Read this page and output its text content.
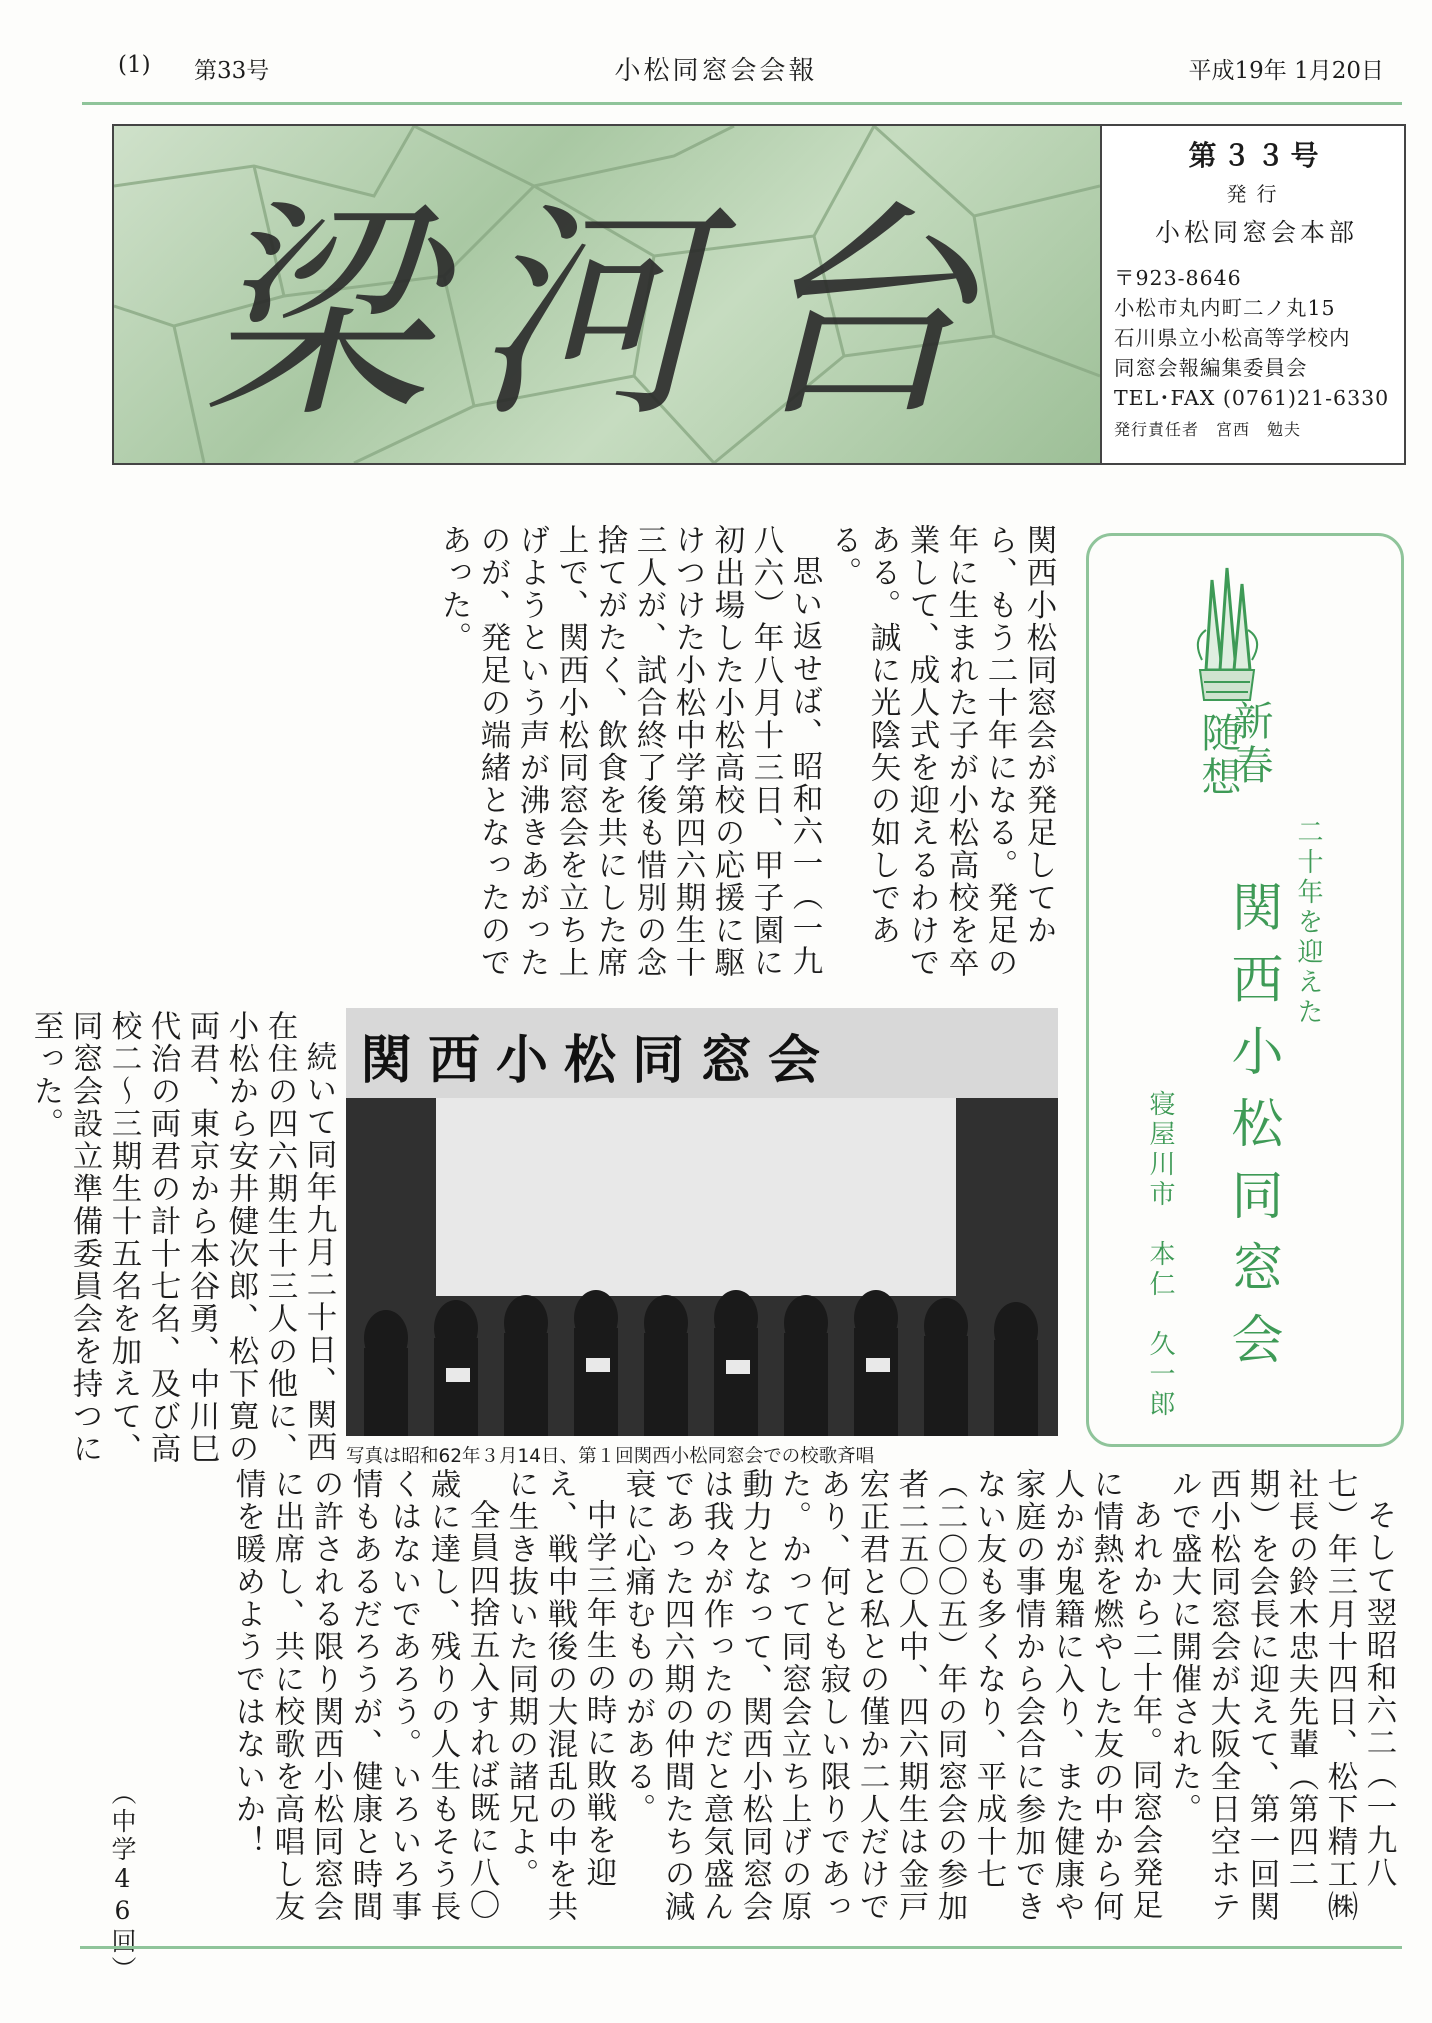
(1) 第33号	小松同窓会会報	平成19年 1月20日
梁河台
第３３号
発行
小松同窓会本部
〒923-8646
小松市丸内町二ノ丸15
石川県立小松高等学校内
同窓会報編集委員会
TEL･FAX (0761)21-6330
発行責任者　宮西　勉夫
新春
随想
二十年を迎えた
関西小松同窓会
寝屋川市　本仁　久一郎

関西小松同窓会が発足してから、もう二十年になる。発足の年に生まれた子が小松高校を卒業して、成人式を迎えるわけである。誠に光陰矢の如しである。

思い返せば、昭和六一（一九八六）年八月十三日、甲子園に初出場した小松高校の応援に駆けつけた小松中学第四六期生十三人が、試合終了後も惜別の念捨てがたく、飲食を共にした席上で、関西小松同窓会を立ち上げようという声が沸きあがったのが、発足の端緒となったのであった。

続いて同年九月二十日、関西在住の四六期生十三人の他に、小松から安井健次郎、松下寛の両君、東京から本谷勇、中川巳代治の両君の計十七名、及び高校二～三期生十五名を加えて、同窓会設立準備委員会を持つに至った。	関西小松同窓会
写真は昭和62年３月14日、第１回関西小松同窓会での校歌斉唱

そして翌昭和六二（一九八七）年三月十四日、松下精工㈱社長の鈴木忠夫先輩（第四二期）を会長に迎えて、第一回関西小松同窓会が大阪全日空ホテルで盛大に開催された。

あれから二十年。同窓会発足に情熱を燃やした友の中から何人かが鬼籍に入り、また健康や家庭の事情から会合に参加できない友も多くなり、平成十七（二〇〇五）年の同窓会の参加者二五〇人中、四六期生は金戸宏正君と私との僅か二人だけであり、何とも寂しい限りであった。かって同窓会立ち上げの原動力となって、関西小松同窓会は我々が作ったのだと意気盛んであった四六期の仲間たちの減衰に心痛むものがある。

中学三年生の時に敗戦を迎え、戦中戦後の大混乱の中を共に生き抜いた同期の諸兄よ。

全員四捨五入すれば既に八〇歳に達し、残りの人生もそう長くはないであろう。いろいろ事情もあるだろうが、健康と時間の許される限り関西小松同窓会に出席し、共に校歌を高唱し友情を暖めようではないか！

（中学46回）
